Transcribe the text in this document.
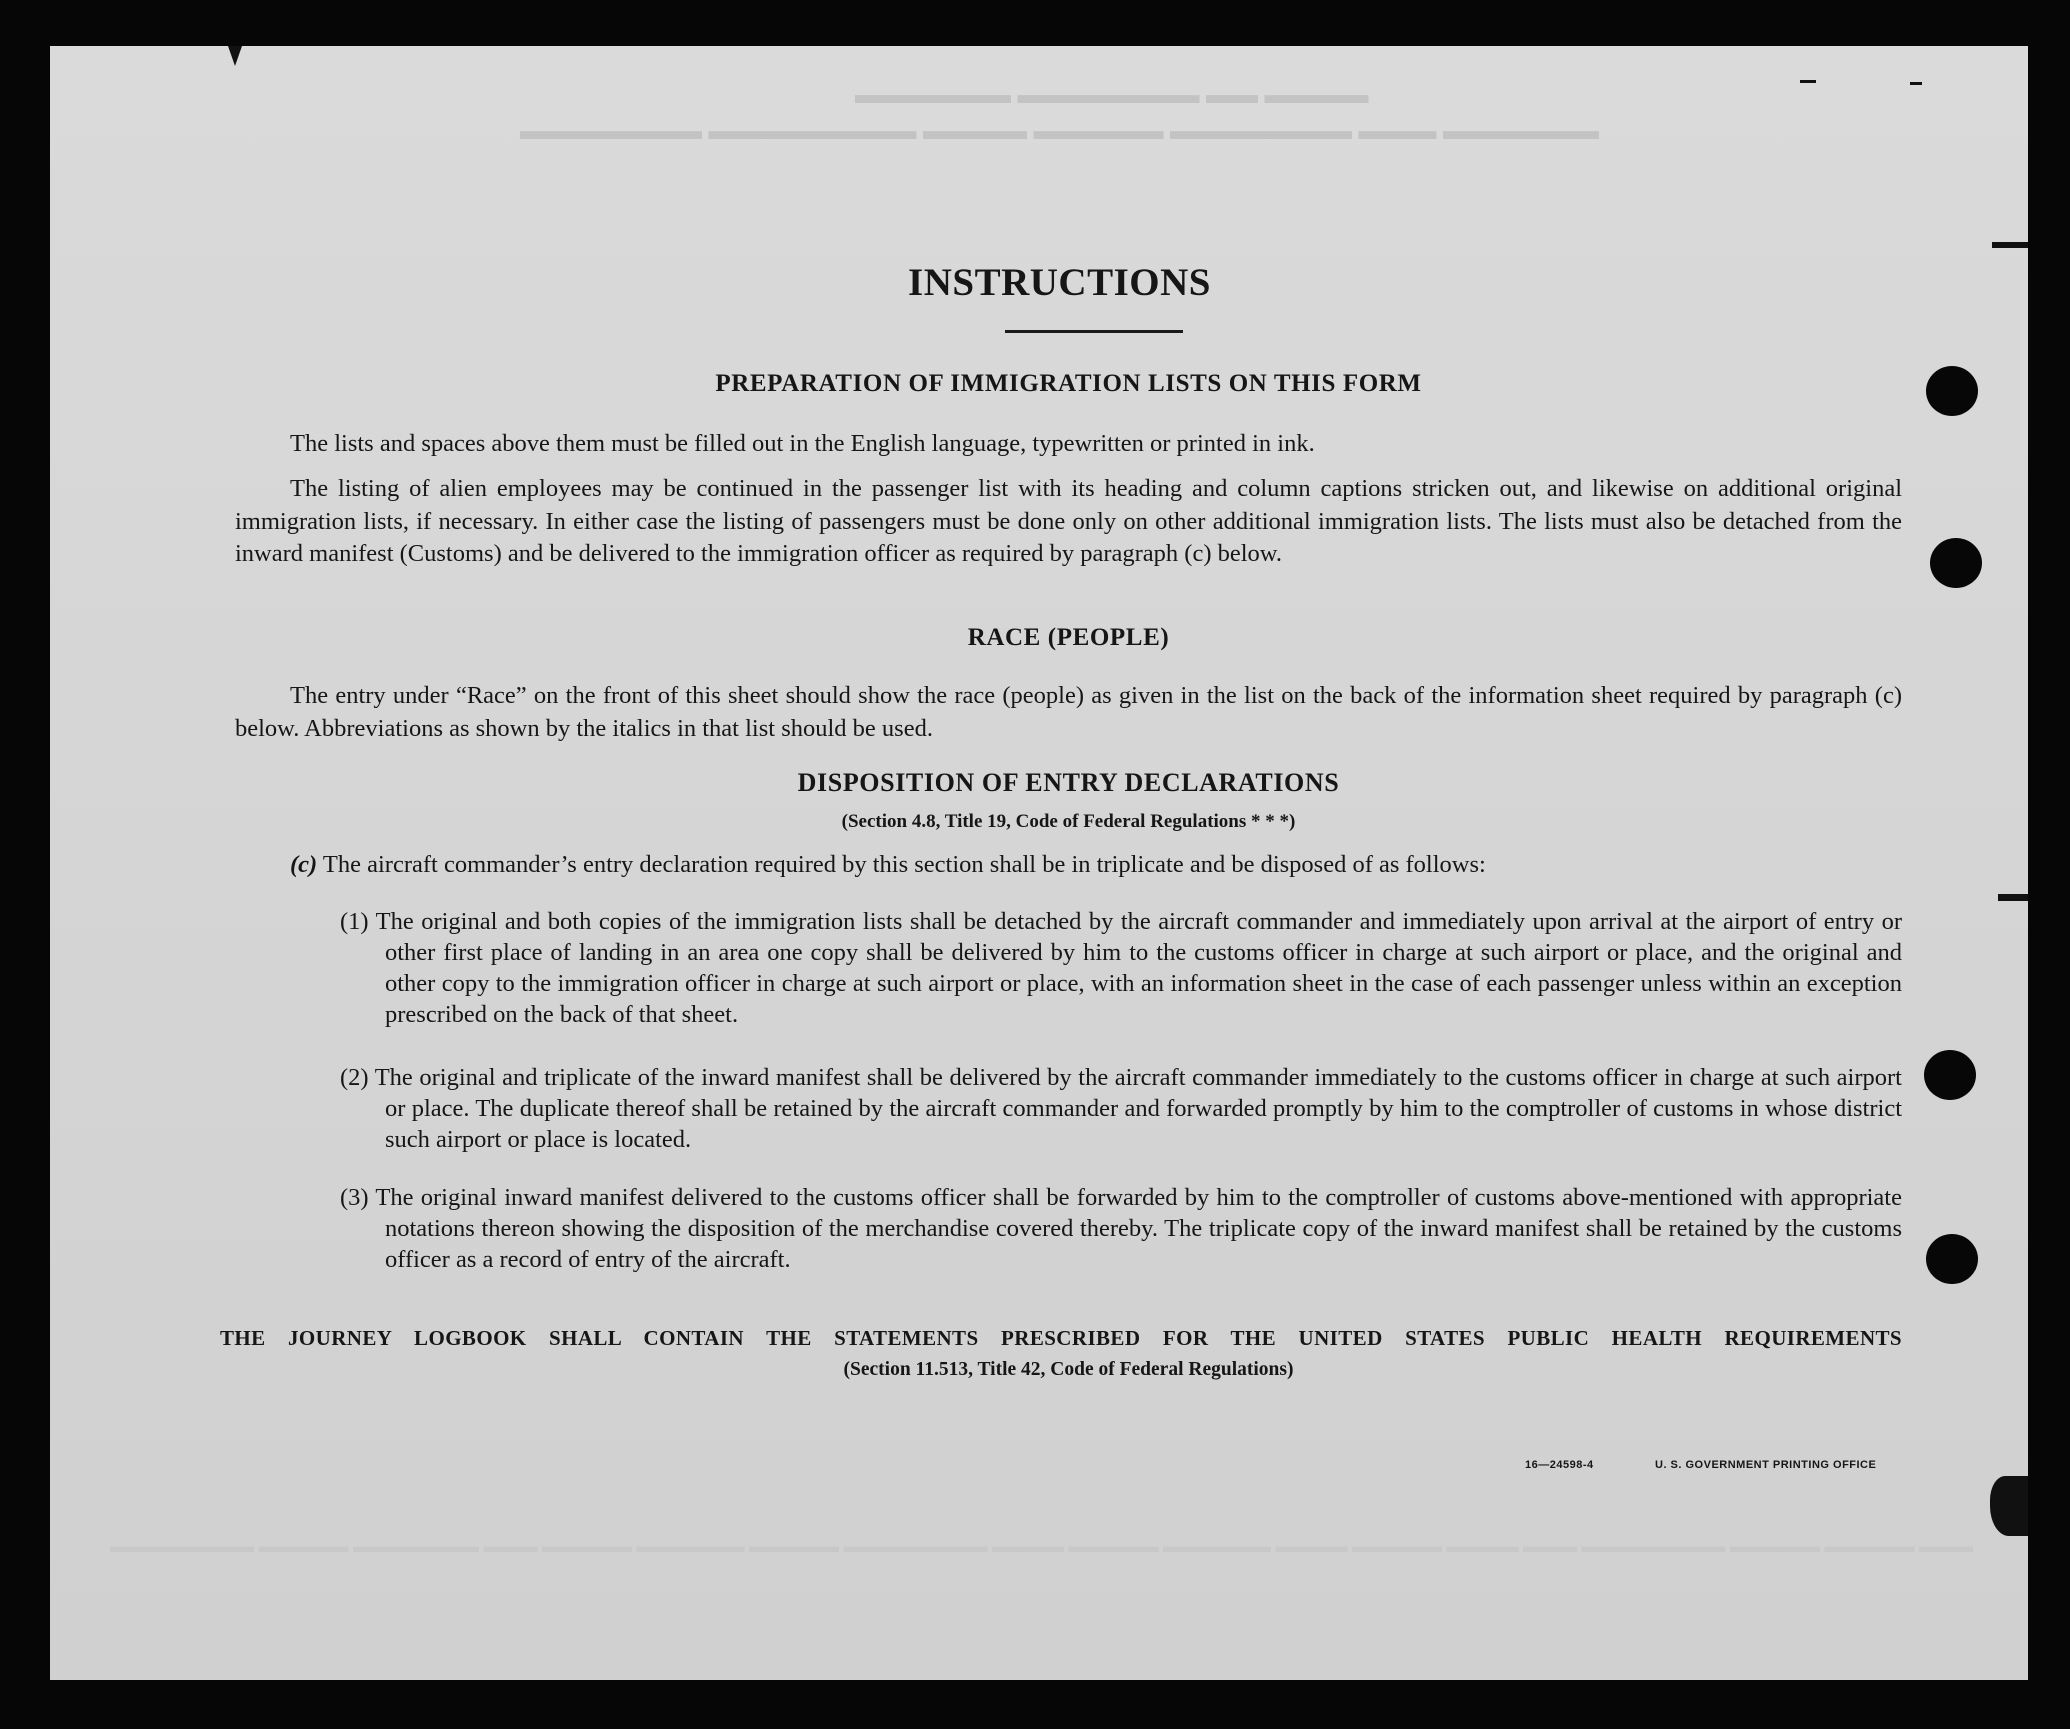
▬▬▬▬ ▬▬ ▬▬▬▬▬▬▬ ▬▬▬▬▬▬
▬▬▬▬▬▬ ▬▬▬ ▬▬▬▬▬▬▬ ▬▬▬▬▬ ▬▬▬▬ ▬▬▬▬▬▬▬▬ ▬▬▬▬▬▬▬
▬▬▬ ▬▬▬▬▬ ▬▬▬▬▬ ▬▬▬▬▬▬▬▬ ▬▬▬ ▬▬▬▬ ▬▬▬▬▬ ▬▬▬▬ ▬▬▬▬▬▬ ▬▬▬▬▬ ▬▬▬▬ ▬▬▬▬▬▬▬▬ ▬▬▬▬▬ ▬▬▬▬▬▬ ▬▬▬▬▬ ▬▬▬ ▬▬▬▬▬▬▬ ▬▬▬▬▬ ▬▬▬▬▬▬▬▬
INSTRUCTIONS
PREPARATION OF IMMIGRATION LISTS ON THIS FORM
The lists and spaces above them must be filled out in the English language, typewritten or printed in ink.
The listing of alien employees may be continued in the passenger list with its heading and column captions stricken out, and likewise on additional original immigration lists, if necessary. In either case the listing of passengers must be done only on other additional immigration lists. The lists must also be detached from the inward manifest (Customs) and be delivered to the immigration officer as required by paragraph (c) below.
RACE (PEOPLE)
The entry under “Race” on the front of this sheet should show the race (people) as given in the list on the back of the information sheet required by paragraph (c) below. Abbreviations as shown by the italics in that list should be used.
DISPOSITION OF ENTRY DECLARATIONS
(Section 4.8, Title 19, Code of Federal Regulations * * *)
(c) The aircraft commander’s entry declaration required by this section shall be in triplicate and be disposed of as follows:
(1) The original and both copies of the immigration lists shall be detached by the aircraft commander and immediately upon arrival at the airport of entry or other first place of landing in an area one copy shall be delivered by him to the customs officer in charge at such airport or place, and the original and other copy to the immigration officer in charge at such airport or place, with an information sheet in the case of each passenger unless within an exception prescribed on the back of that sheet.
(2) The original and triplicate of the inward manifest shall be delivered by the aircraft commander immediately to the customs officer in charge at such airport or place. The duplicate thereof shall be retained by the aircraft commander and forwarded promptly by him to the comptroller of customs in whose district such airport or place is located.
(3) The original inward manifest delivered to the customs officer shall be forwarded by him to the comptroller of customs above-mentioned with appropriate notations thereon showing the disposition of the merchandise covered thereby. The triplicate copy of the inward manifest shall be retained by the customs officer as a record of entry of the aircraft.
THE JOURNEY LOGBOOK SHALL CONTAIN THE STATEMENTS PRESCRIBED FOR THE UNITED STATES PUBLIC HEALTH REQUIREMENTS
(Section 11.513, Title 42, Code of Federal Regulations)
16—24598-4	U. S. GOVERNMENT PRINTING OFFICE
